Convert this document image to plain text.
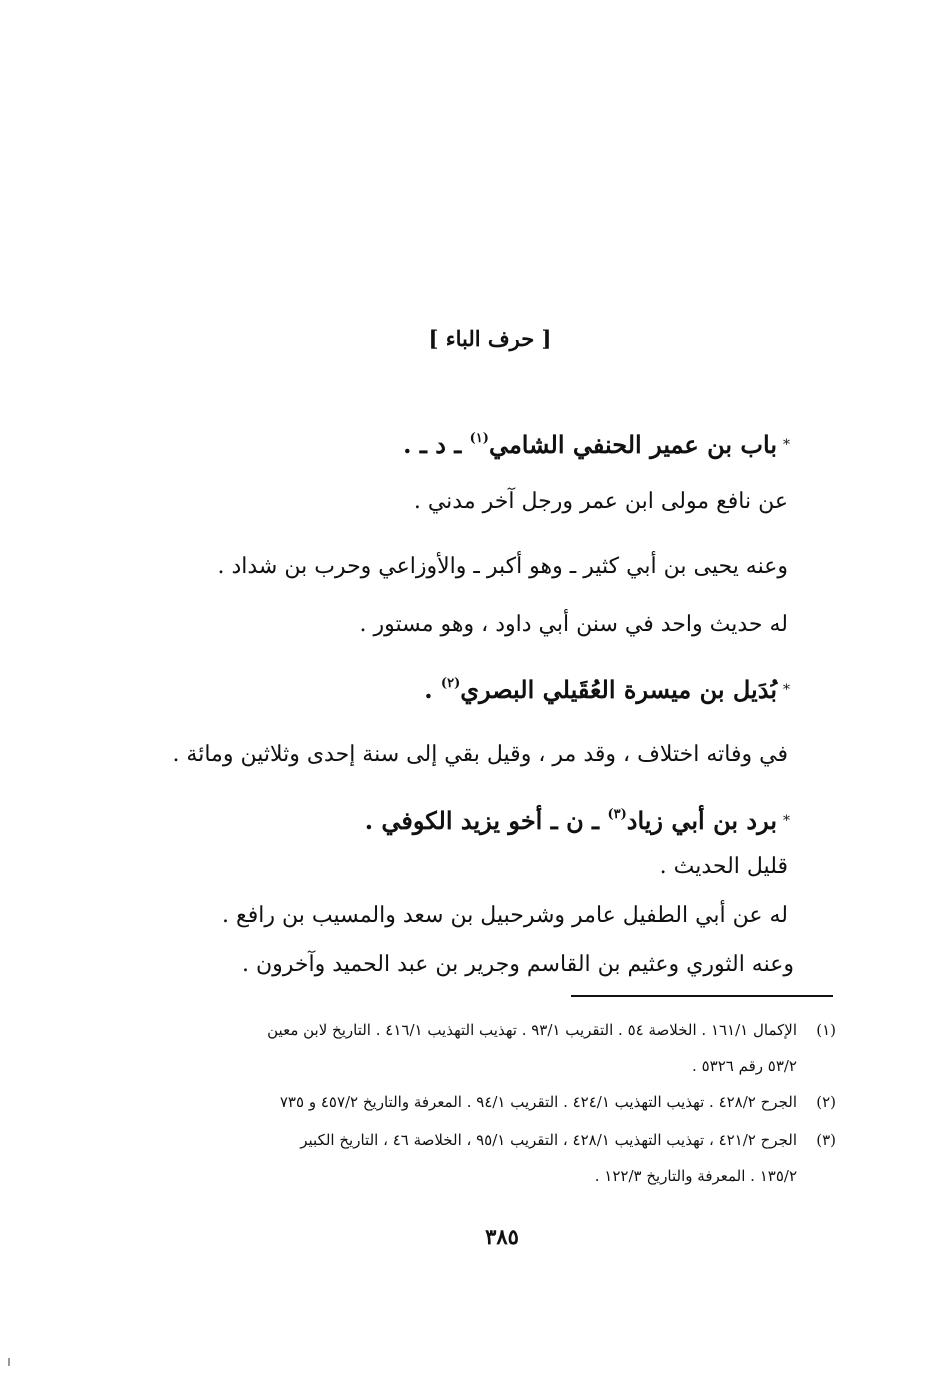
[ حرف الباء ]
*باب بن عمير الحنفي الشامي$^{(١)}$ ـ د ـ .
عن نافع مولى ابن عمر ورجل آخر مدني .
وعنه يحيى بن أبي كثير ـ وهو أكبر ـ والأوزاعي وحرب بن شداد .
له حديث واحد في سنن أبي داود ، وهو مستور .
*بُدَيل بن ميسرة العُقَيلي البصري$^{(٢)}$ .
في وفاته اختلاف ، وقد مر ، وقيل بقي إلى سنة إحدى وثلاثين ومائة .
*برد بن أبي زياد$^{(٣)}$ ـ ن ـ أخو يزيد الكوفي .
قليل الحديث .
له عن أبي الطفيل عامر وشرحبيل بن سعد والمسيب بن رافع .
وعنه الثوري وعثيم بن القاسم وجرير بن عبد الحميد وآخرون .
(١)
الإكمال ١٦١/١ . الخلاصة ٥٤ . التقريب ٩٣/١ . تهذيب التهذيب ٤١٦/١ . التاريخ لابن معين
٥٣/٢ رقم ٥٣٢٦ .
(٢)
الجرح ٤٢٨/٢ . تهذيب التهذيب ٤٢٤/١ . التقريب ٩٤/١ . المعرفة والتاريخ ٤٥٧/٢ و ٧٣٥
(٣)
الجرح ٤٢١/٢ ، تهذيب التهذيب ٤٢٨/١ ، التقريب ٩٥/١ ، الخلاصة ٤٦ ، التاريخ الكبير
١٣٥/٢ . المعرفة والتاريخ ١٢٢/٣ .
٣٨٥
